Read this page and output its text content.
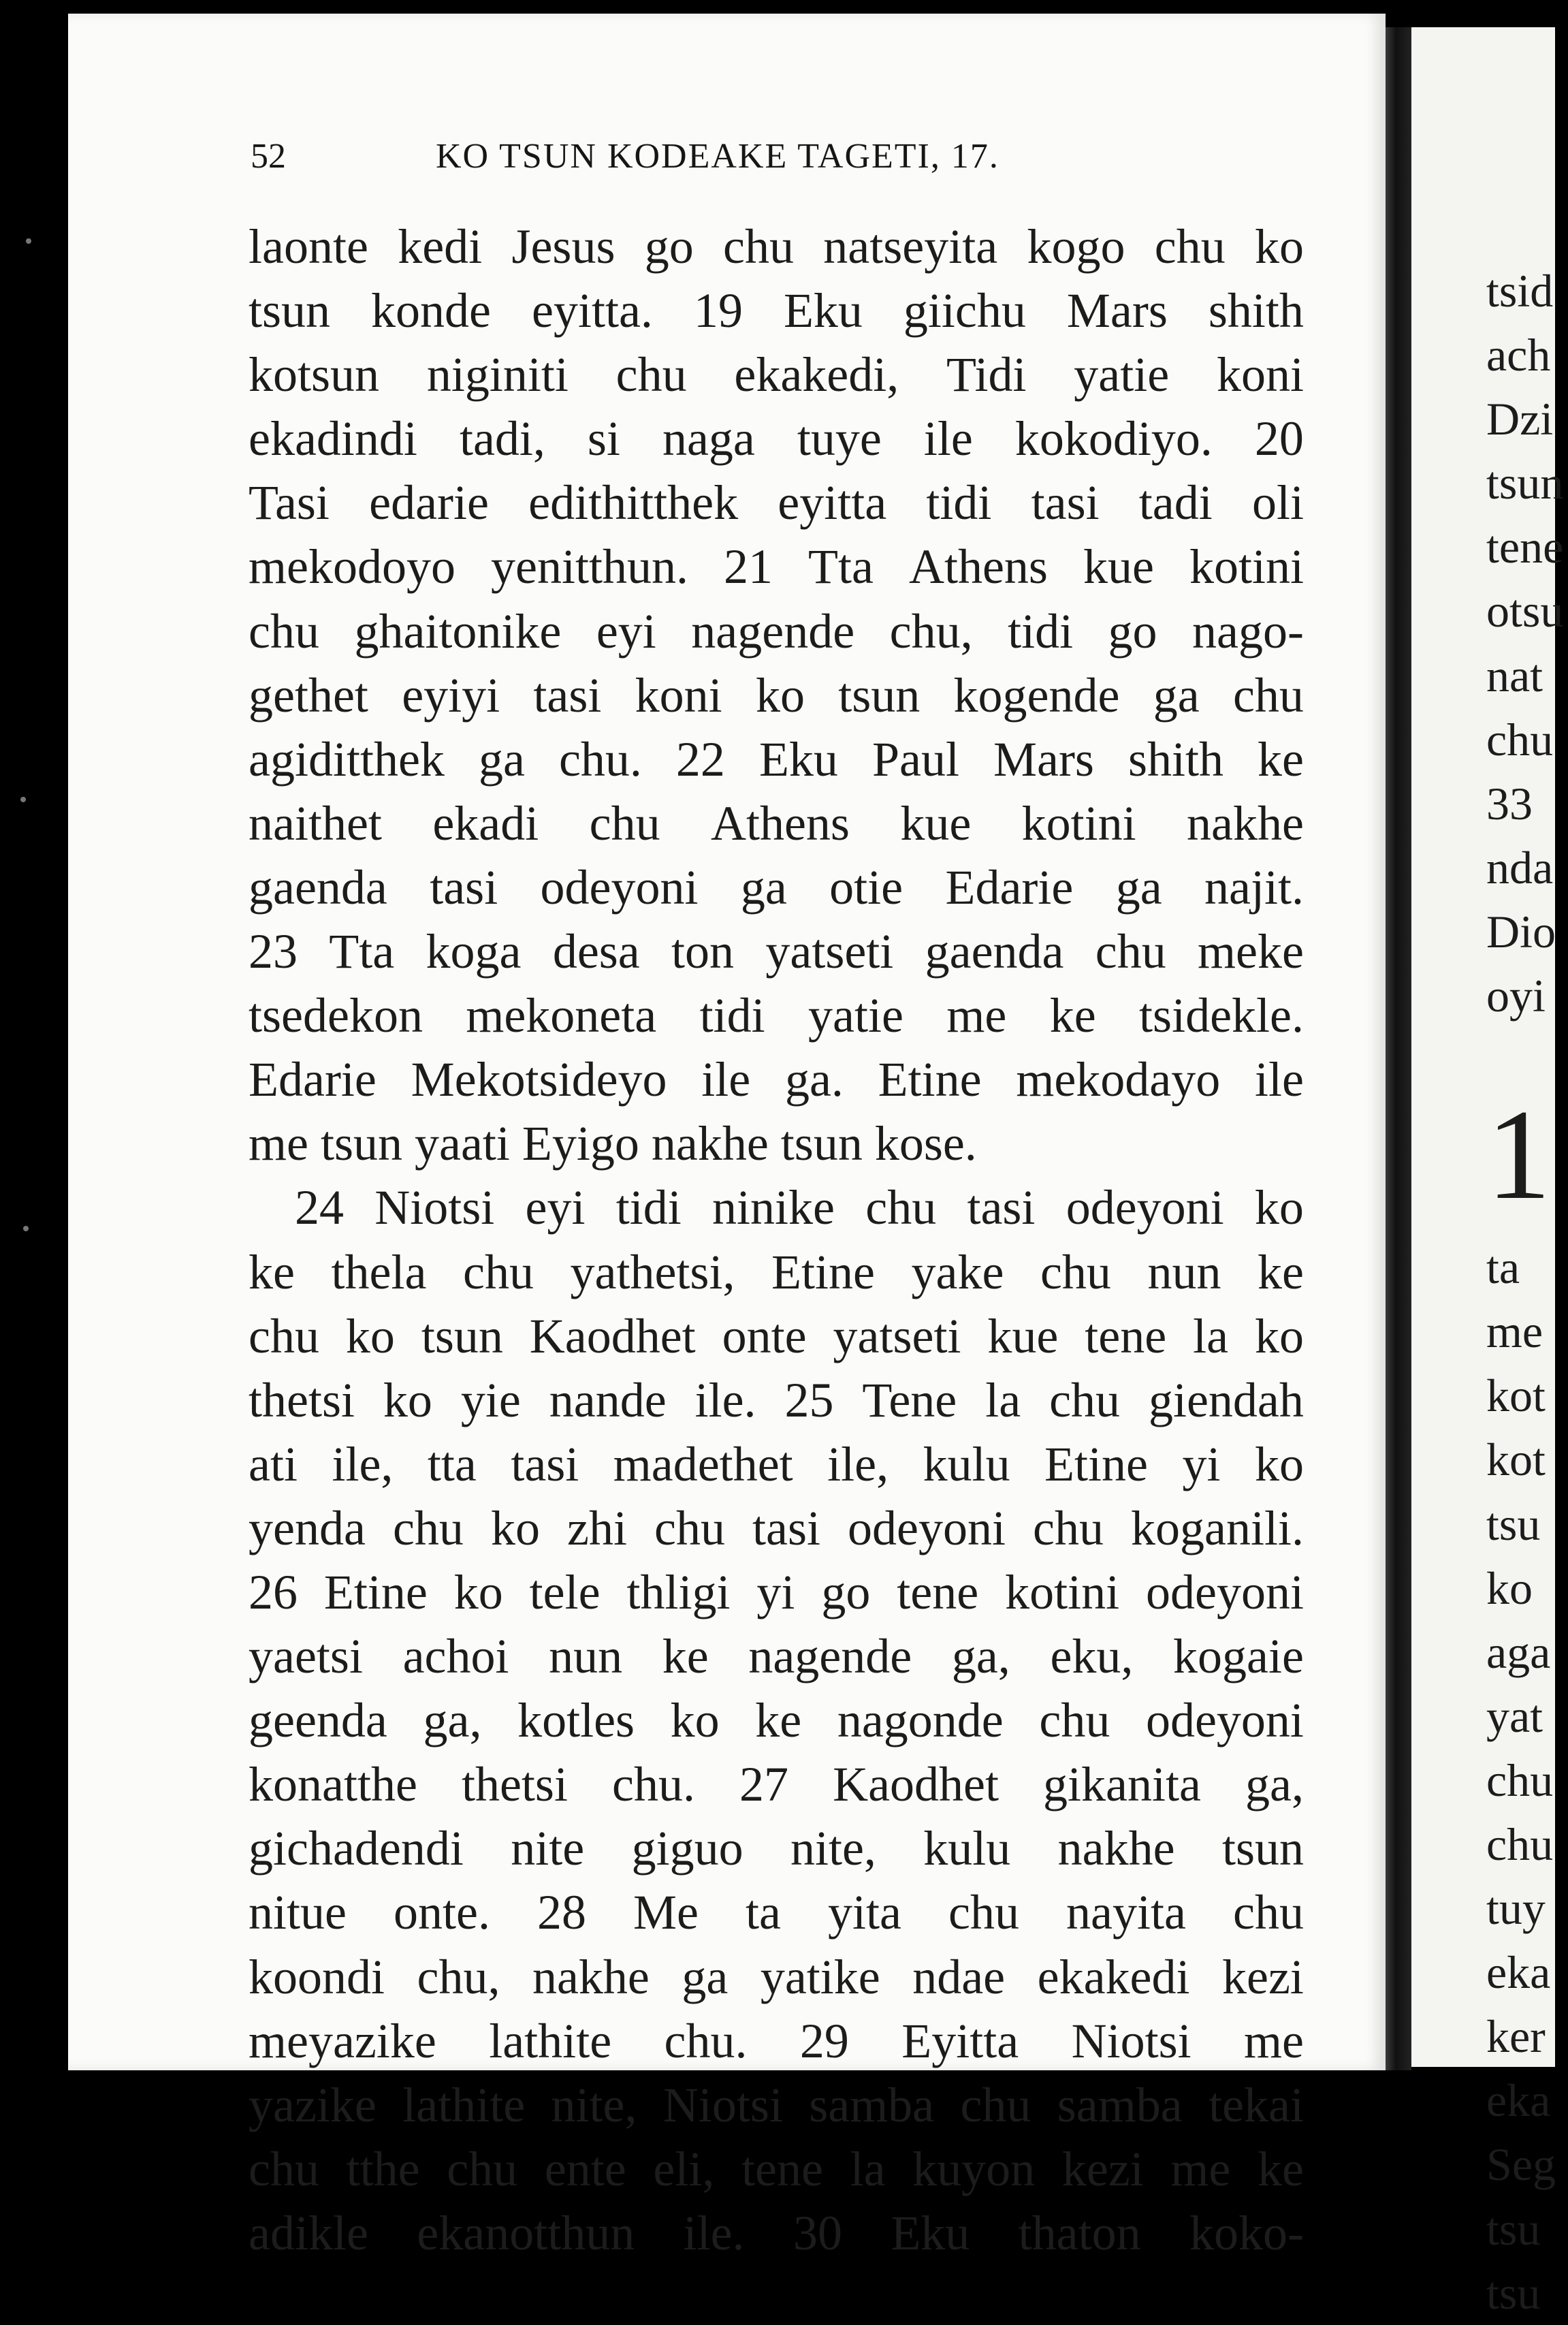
tsid
ach
Dzi
tsun
tene
otsu
nat
chu
33
nda
Dio
oyi
1
ta
me
kot
kot
tsu
ko
aga
yat
chu
chu
tuy
eka
ker
eka
Seg
tsu
tsu
52	KO TSUN KODEAKE TAGETI, 17.
laonte kedi Jesus go chu natseyita kogo chu ko
tsun konde eyitta. 19 Eku giichu Mars shith
kotsun niginiti chu ekakedi, Tidi yatie koni
ekadindi tadi, si naga tuye ile kokodiyo. 20
Tasi edarie edithitthek eyitta tidi tasi tadi oli
mekodoyo yenitthun. 21 Tta Athens kue kotini
chu ghaitonike eyi nagende chu, tidi go nago-
gethet eyiyi tasi koni ko tsun kogende ga chu
agiditthek ga chu. 22 Eku Paul Mars shith ke
naithet ekadi chu Athens kue kotini nakhe
gaenda tasi odeyoni ga otie Edarie ga najit.
23 Tta koga desa ton yatseti gaenda chu meke
tsedekon mekoneta tidi yatie me ke tsidekle.
Edarie Mekotsideyo ile ga. Etine mekodayo ile
me tsun yaati Eyigo nakhe tsun kose.
24 Niotsi eyi tidi ninike chu tasi odeyoni ko
ke thela chu yathetsi, Etine yake chu nun ke
chu ko tsun Kaodhet onte yatseti kue tene la ko
thetsi ko yie nande ile. 25 Tene la chu giendah
ati ile, tta tasi madethet ile, kulu Etine yi ko
yenda chu ko zhi chu tasi odeyoni chu koganili.
26 Etine ko tele thligi yi go tene kotini odeyoni
yaetsi achoi nun ke nagende ga, eku, kogaie
geenda ga, kotles ko ke nagonde chu odeyoni
konatthe thetsi chu. 27 Kaodhet gikanita ga,
gichadendi nite giguo nite, kulu nakhe tsun
nitue onte. 28 Me ta yita chu nayita chu
koondi chu, nakhe ga yatike ndae ekakedi kezi
meyazike lathite chu. 29 Eyitta Niotsi me
yazike lathite nite, Niotsi samba chu samba tekai
chu tthe chu ente eli, tene la kuyon kezi me ke
adikle ekanotthun ile. 30 Eku thaton koko-
